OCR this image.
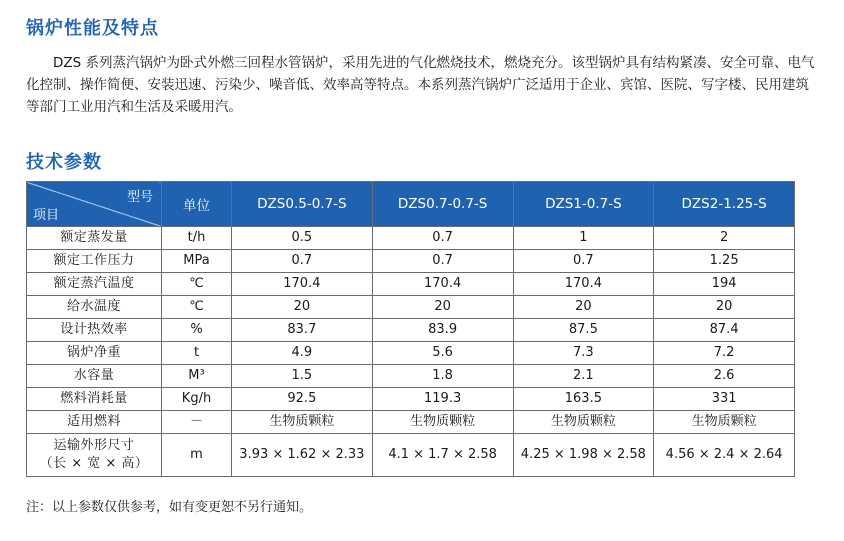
锅炉性能及特点

DZS 系列蒸汽锅炉为卧式外燃三回程水管锅炉，采用先进的气化燃烧技术，燃烧充分。该型锅炉具有结构紧凑、安全可靠、电气化控制、操作简便、安装迅速、污染少、噪音低、效率高等特点。本系列蒸汽锅炉广泛适用于企业、宾馆、医院、写字楼、民用建筑等部门工业用汽和生活及采暖用汽。

技术参数
型号
项目	单位	DZS0.5-0.7-S	DZS0.7-0.7-S	DZS1-0.7-S	DZS2-1.25-S
额定蒸发量	t/h	0.5	0.7	1	2
额定工作压力	MPa	0.7	0.7	0.7	1.25
额定蒸汽温度	℃	170.4	170.4	170.4	194
给水温度	℃	20	20	20	20
设计热效率	%	83.7	83.9	87.5	87.4
锅炉净重	t	4.9	5.6	7.3	7.2
水容量	M³	1.5	1.8	2.1	2.6
燃料消耗量	Kg/h	92.5	119.3	163.5	331
适用燃料	－	生物质颗粒	生物质颗粒	生物质颗粒	生物质颗粒

运输外形尺寸
（长 × 宽 × 高）	m	3.93 × 1.62 × 2.33	4.1 × 1.7 × 2.58	4.25 × 1.98 × 2.58	4.56 × 2.4 × 2.64

注：以上参数仅供参考，如有变更恕不另行通知。
